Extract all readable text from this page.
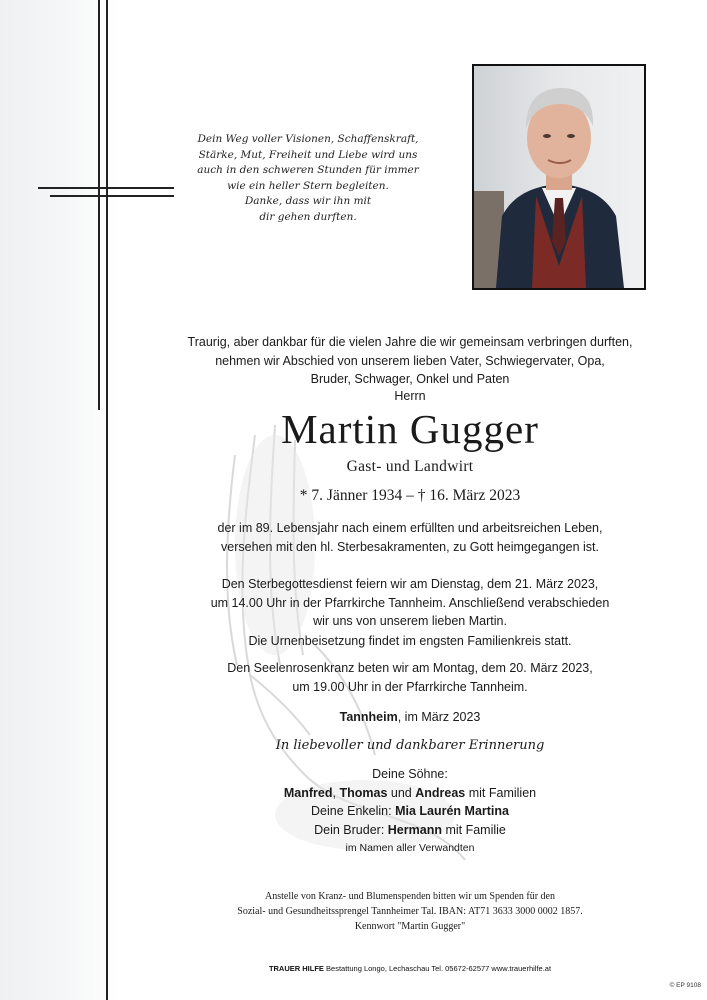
Dein Weg voller Visionen, Schaffenskraft,
Stärke, Mut, Freiheit und Liebe wird uns
auch in den schweren Stunden für immer
wie ein heller Stern begleiten.
Danke, dass wir ihn mit
dir gehen durften.
Traurig, aber dankbar für die vielen Jahre die wir gemeinsam verbringen durften,
nehmen wir Abschied von unserem lieben Vater, Schwiegervater, Opa,
Bruder, Schwager, Onkel und Paten
Herrn
Martin Gugger
Gast- und Landwirt
* 7. Jänner 1934 – † 16. März 2023
der im 89. Lebensjahr nach einem erfüllten und arbeitsreichen Leben,
versehen mit den hl. Sterbesakramenten, zu Gott heimgegangen ist.
Den Sterbegottesdienst feiern wir am Dienstag, dem 21. März 2023,
um 14.00 Uhr in der Pfarrkirche Tannheim. Anschließend verabschieden
wir uns von unserem lieben Martin.
Die Urnenbeisetzung findet im engsten Familienkreis statt.
Den Seelenrosenkranz beten wir am Montag, dem 20. März 2023,
um 19.00 Uhr in der Pfarrkirche Tannheim.
Tannheim, im März 2023
In liebevoller und dankbarer Erinnerung
Deine Söhne:
Manfred, Thomas und Andreas mit Familien
Deine Enkelin: Mia Laurén Martina
Dein Bruder: Hermann mit Familie
im Namen aller Verwandten
Anstelle von Kranz- und Blumenspenden bitten wir um Spenden für den
Sozial- und Gesundheitssprengel Tannheimer Tal. IBAN: AT71 3633 3000 0002 1857.
Kennwort "Martin Gugger"
TRAUER HILFE Bestattung Longo, Lechaschau Tel. 05672-62577 www.trauerhilfe.at
© EP 9108
